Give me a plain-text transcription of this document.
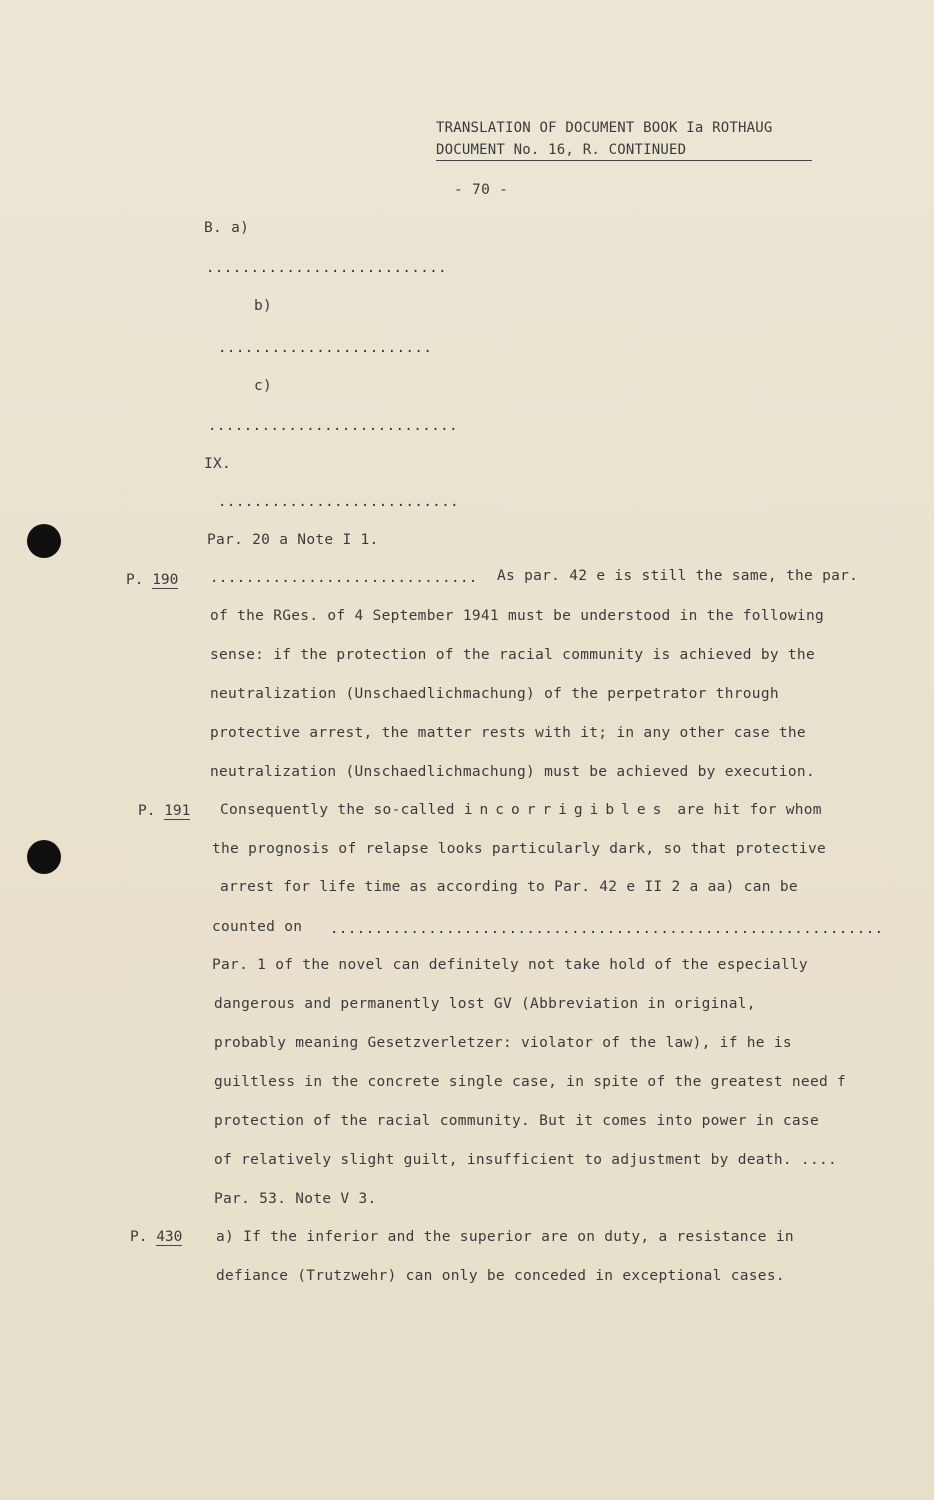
TRANSLATION OF DOCUMENT BOOK Ia ROTHAUG
DOCUMENT No. 16, R. CONTINUED
- 70 -
B. a)
...........................
b)
........................
c)
............................
IX.
...........................
Par. 20 a Note I 1.
P. 190 .............................. As par. 42 e is still the same, the par.
of the RGes. of 4 September 1941 must be understood in the following
sense: if the protection of the racial community is achieved by the
neutralization (Unschaedlichmachung) of the perpetrator through
protective arrest, the matter rests with it; in any other case the
neutralization (Unschaedlichmachung) must be achieved by execution.
P. 191 Consequently the so-called incorrigibles are hit for whom
the prognosis of relapse looks particularly dark, so that protective
arrest for life time as according to Par. 42 e II 2 a aa) can be
counted on ..............................................................
Par. 1 of the novel can definitely not take hold of the especially
dangerous and permanently lost GV (Abbreviation in original,
probably meaning Gesetzverletzer: violator of the law), if he is
guiltless in the concrete single case, in spite of the greatest need f
protection of the racial community. But it comes into power in case
of relatively slight guilt, insufficient to adjustment by death. ....
Par. 53. Note V 3.
P. 430 a) If the inferior and the superior are on duty, a resistance in
defiance (Trutzwehr) can only be conceded in exceptional cases.
